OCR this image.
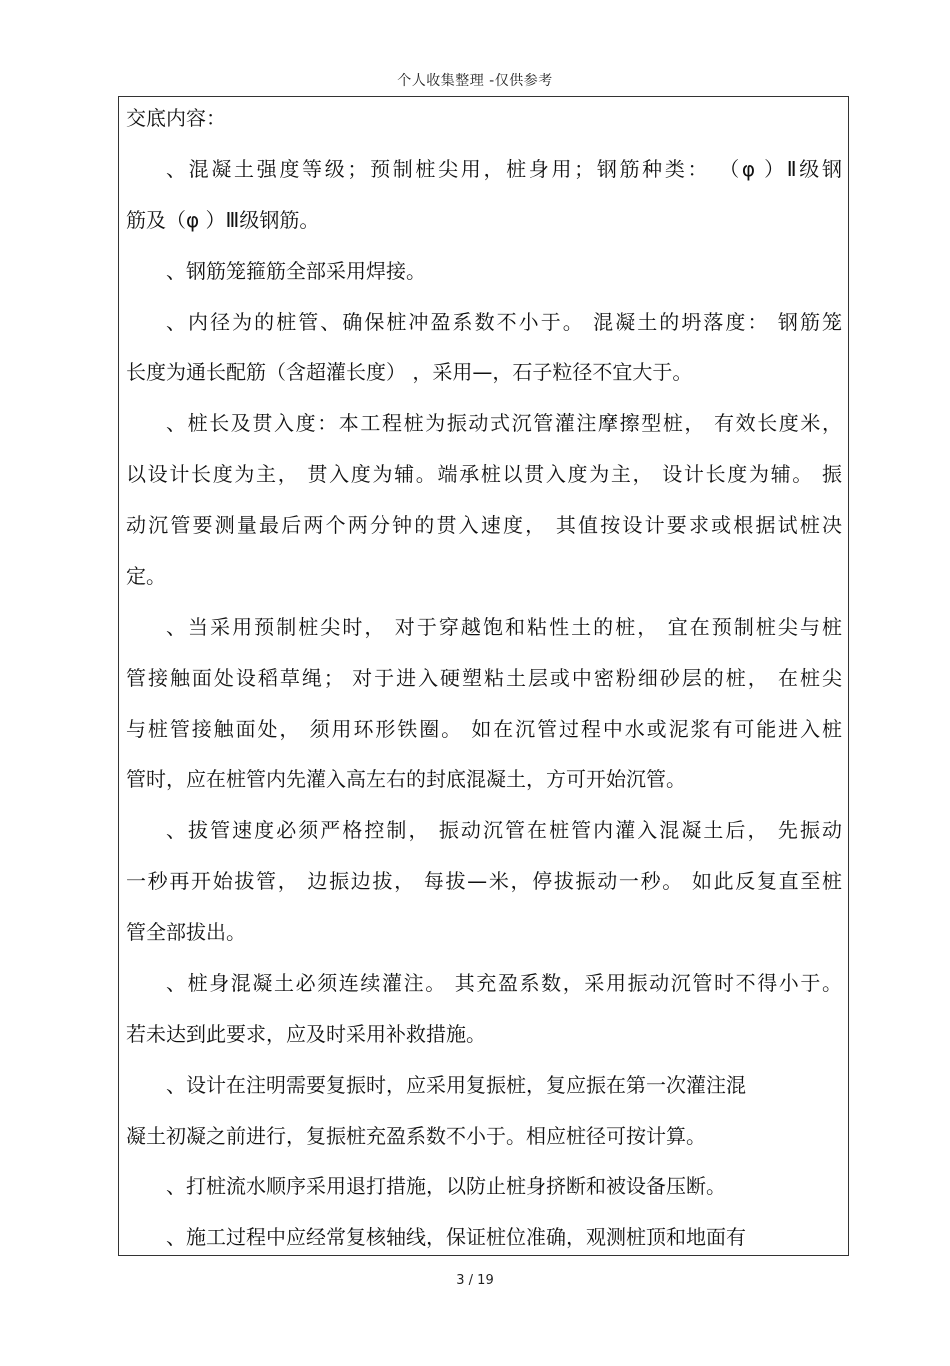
个人收集整理 -仅供参考
交底内容：
、混凝土强度等级；预制桩尖用，桩身用；钢筋种类： （φ ）Ⅱ级钢
筋及（φ ）Ⅲ级钢筋。
、钢筋笼箍筋全部采用焊接。
、内径为的桩管、确保桩冲盈系数不小于。 混凝土的坍落度： 钢筋笼
长度为通长配筋（含超灌长度） ，采用—，石子粒径不宜大于。
、桩长及贯入度：本工程桩为振动式沉管灌注摩擦型桩， 有效长度米，
以设计长度为主， 贯入度为辅。端承桩以贯入度为主， 设计长度为辅。 振
动沉管要测量最后两个两分钟的贯入速度， 其值按设计要求或根据试桩决
定。
、当采用预制桩尖时， 对于穿越饱和粘性土的桩， 宜在预制桩尖与桩
管接触面处设稻草绳； 对于进入硬塑粘土层或中密粉细砂层的桩， 在桩尖
与桩管接触面处， 须用环形铁圈。 如在沉管过程中水或泥浆有可能进入桩
管时，应在桩管内先灌入高左右的封底混凝土，方可开始沉管。
、拔管速度必须严格控制， 振动沉管在桩管内灌入混凝土后， 先振动
一秒再开始拔管， 边振边拔， 每拔—米，停拔振动一秒。 如此反复直至桩
管全部拔出。
、桩身混凝土必须连续灌注。 其充盈系数，采用振动沉管时不得小于。
若未达到此要求，应及时采用补救措施。
、设计在注明需要复振时，应采用复振桩，复应振在第一次灌注混
凝土初凝之前进行，复振桩充盈系数不小于。相应桩径可按计算。
、打桩流水顺序采用退打措施，以防止桩身挤断和被设备压断。
、施工过程中应经常复核轴线，保证桩位准确，观测桩顶和地面有
3 / 19
